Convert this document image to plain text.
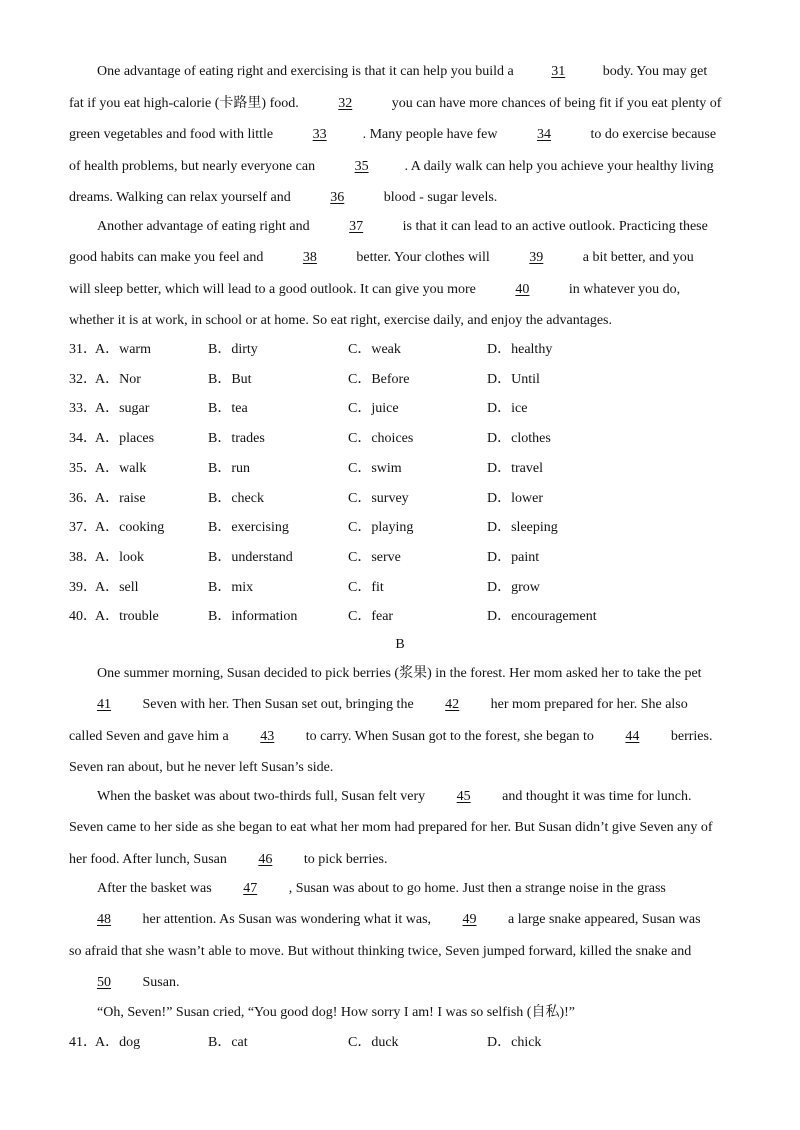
One advantage of eating right and exercising is that it can help you build a 31 body. You may get
fat if you eat high-calorie (卡路里) food.	32	you can have more chances of being fit if you eat plenty of
green vegetables and food with little	33	. Many people have few	34	to do exercise because
of health problems, but nearly everyone can	35	. A daily walk can help you achieve your healthy living
dreams. Walking can relax yourself and	36	blood - sugar levels.
Another advantage of eating right and	37	is that it can lead to an active outlook. Practicing these
good habits can make you feel and	38	better. Your clothes will	39	a bit better, and you
will sleep better, which will lead to a good outlook. It can give you more	40	in whatever you do,
whether it is at work, in school or at home. So eat right, exercise daily, and enjoy the advantages.
31．
A．warm	B．dirty	C．weak	D．healthy
32．
A．Nor	B．But	C．Before	D．Until
33．
A．sugar	B．tea	C．juice	D．ice
34．
A．places	B．trades	C．choices	D．clothes
35．
A．walk	B．run	C．swim	D．travel
36．
A．raise	B．check	C．survey	D．lower
37．
A．cooking	B．exercising	C．playing	D．sleeping
38．
A．look	B．understand	C．serve	D．paint
39．
A．sell	B．mix	C．fit	D．grow
40．
A．trouble	B．information	C．fear	D．encouragement
B
One summer morning, Susan decided to pick berries (浆果) in the forest. Her mom asked her to take the pet
41 Seven with her. Then Susan set out, bringing the 42 her mom prepared for her. She also
called Seven and gave him a 43 to carry. When Susan got to the forest, she began to 44 berries.
Seven ran about, but he never left Susan’s side.
When the basket was about two-thirds full, Susan felt very 45 and thought it was time for lunch.
Seven came to her side as she began to eat what her mom had prepared for her. But Susan didn’t give Seven any of
her food. After lunch, Susan 46 to pick berries.
After the basket was 47 , Susan was about to go home. Just then a strange noise in the grass
48 her attention. As Susan was wondering what it was, 49 a large snake appeared, Susan was
so afraid that she wasn’t able to move. But without thinking twice, Seven jumped forward, killed the snake and
50 Susan.
“Oh, Seven!” Susan cried, “You good dog! How sorry I am! I was so selfish (自私)!”
41．
A．dog	B．cat	C．duck	D．chick
